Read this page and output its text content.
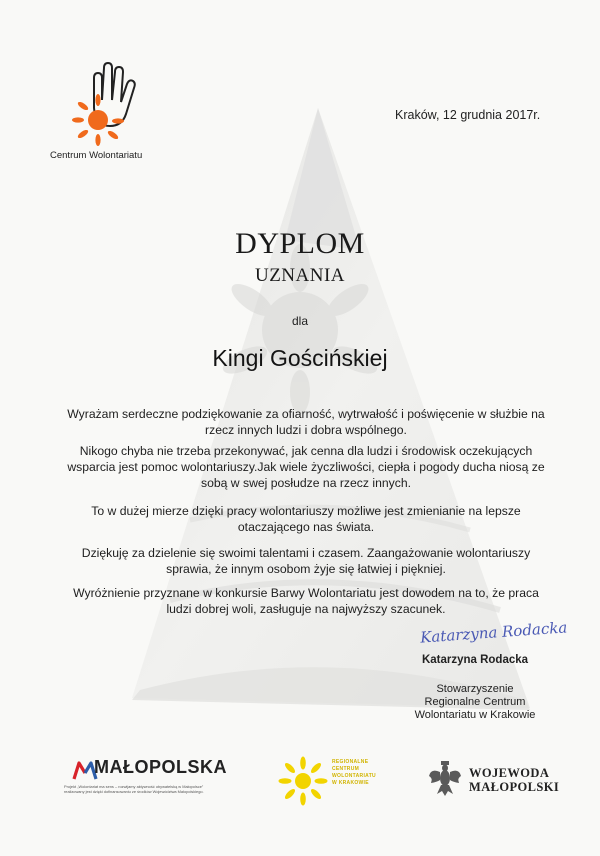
Centrum Wolontariatu
Kraków, 12 grudnia 2017r.
DYPLOM
UZNANIA
dla
Kingi Gościńskiej
Wyrażam serdeczne podziękowanie za ofiarność, wytrwałość i poświęcenie w służbie na rzecz innych ludzi i dobra wspólnego.
Nikogo chyba nie trzeba przekonywać, jak cenna dla ludzi i środowisk oczekujących wsparcia jest pomoc wolontariuszy.Jak wiele życzliwości, ciepła i pogody ducha niosą ze sobą w swej posłudze na rzecz innych.
To w dużej mierze dzięki pracy wolontariuszy możliwe jest zmienianie na lepsze otaczającego nas świata.
Dziękuję za dzielenie się swoimi talentami i czasem. Zaangażowanie wolontariuszy sprawia, że innym osobom żyje się łatwiej i piękniej.
Wyróżnienie przyznane w konkursie Barwy Wolontariatu jest dowodem na to, że praca ludzi dobrej woli, zasługuje na najwyższy szacunek.
Katarzyna Rodacka
Katarzyna Rodacka
Stowarzyszenie
Regionalne Centrum
Wolontariatu w Krakowie
MAŁOPOLSKA
Projekt „Wolontariat ma sens – rozwijamy aktywność obywatelską w Małopolsce”
realizowany jest dzięki dofinansowaniu ze środków Województwa Małopolskiego.
REGIONALNE
CENTRUM
WOLONTARIATU
W KRAKOWIE
WOJEWODA
MAŁOPOLSKI
